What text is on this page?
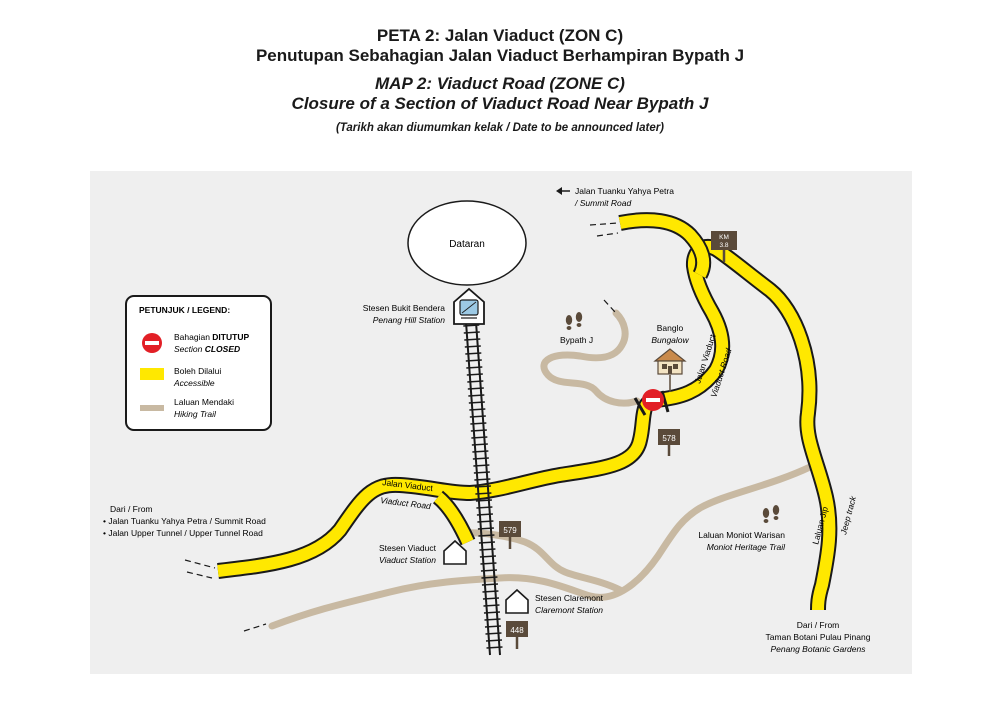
PETA 2: Jalan Viaduct (ZON C)

Penutupan Sebahagian Jalan Viaduct Berhampiran Bypath J

MAP 2: Viaduct Road (ZONE C)

Closure of a Section of Viaduct Road Near Bypath J

(Tarikh akan diumumkan kelak / Date to be announced later)
Dataran
Jalan Tuanku Yahya Petra
/ Summit Road
KM
3.8
Stesen Bukit Bendera
Penang Hill Station
Bypath J
Banglo
Bungalow Jalan Viaduct
Viaduct Road
Jalan Viaduct
Viaduct Road
578
579
448
Stesen Viaduct
Viaduct Station
Stesen Claremont
Claremont Station
Dari / From
• Jalan Tuanku Yahya Petra / Summit Road
• Jalan Upper Tunnel / Upper Tunnel Road	Laluan Moniot Warisan
Moniot Heritage Trail
Laluan Jip Jeep track
Dari / From
Taman Botani Pulau Pinang
Penang Botanic Gardens
PETUNJUK / LEGEND:
Bahagian DITUTUP
Section CLOSED
Boleh Dilalui
Accessible
Laluan Mendaki
Hiking Trail
